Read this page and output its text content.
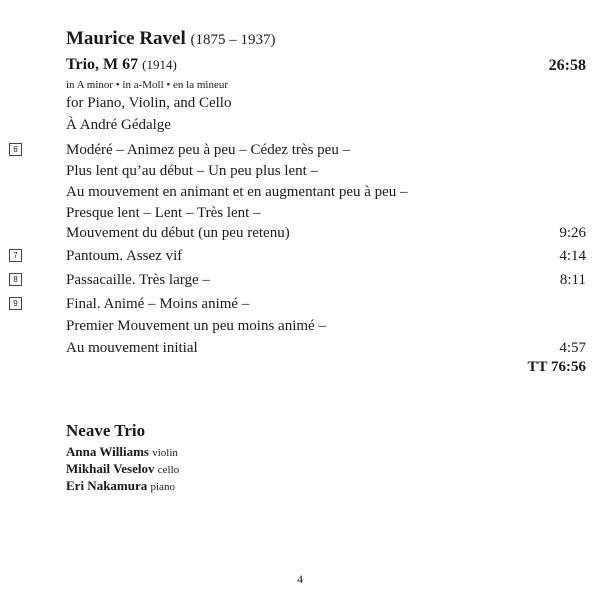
Maurice Ravel (1875 – 1937)
Trio, M 67 (1914)	26:58
in A minor • in a-Moll • en la mineur
for Piano, Violin, and Cello
À André Gédalge
6	Modéré – Animez peu à peu – Cédez très peu –
Plus lent qu’au début – Un peu plus lent –
Au mouvement en animant et en augmentant peu à peu –
Presque lent – Lent – Très lent –
Mouvement du début (un peu retenu)	9:26
7	Pantoum. Assez vif	4:14
8	Passacaille. Très large –	8:11
9	Final. Animé – Moins animé –
Premier Mouvement un peu moins animé –
Au mouvement initial	4:57
TT 76:56
Neave Trio
Anna Williams violin
Mikhail Veselov cello
Eri Nakamura piano
4
